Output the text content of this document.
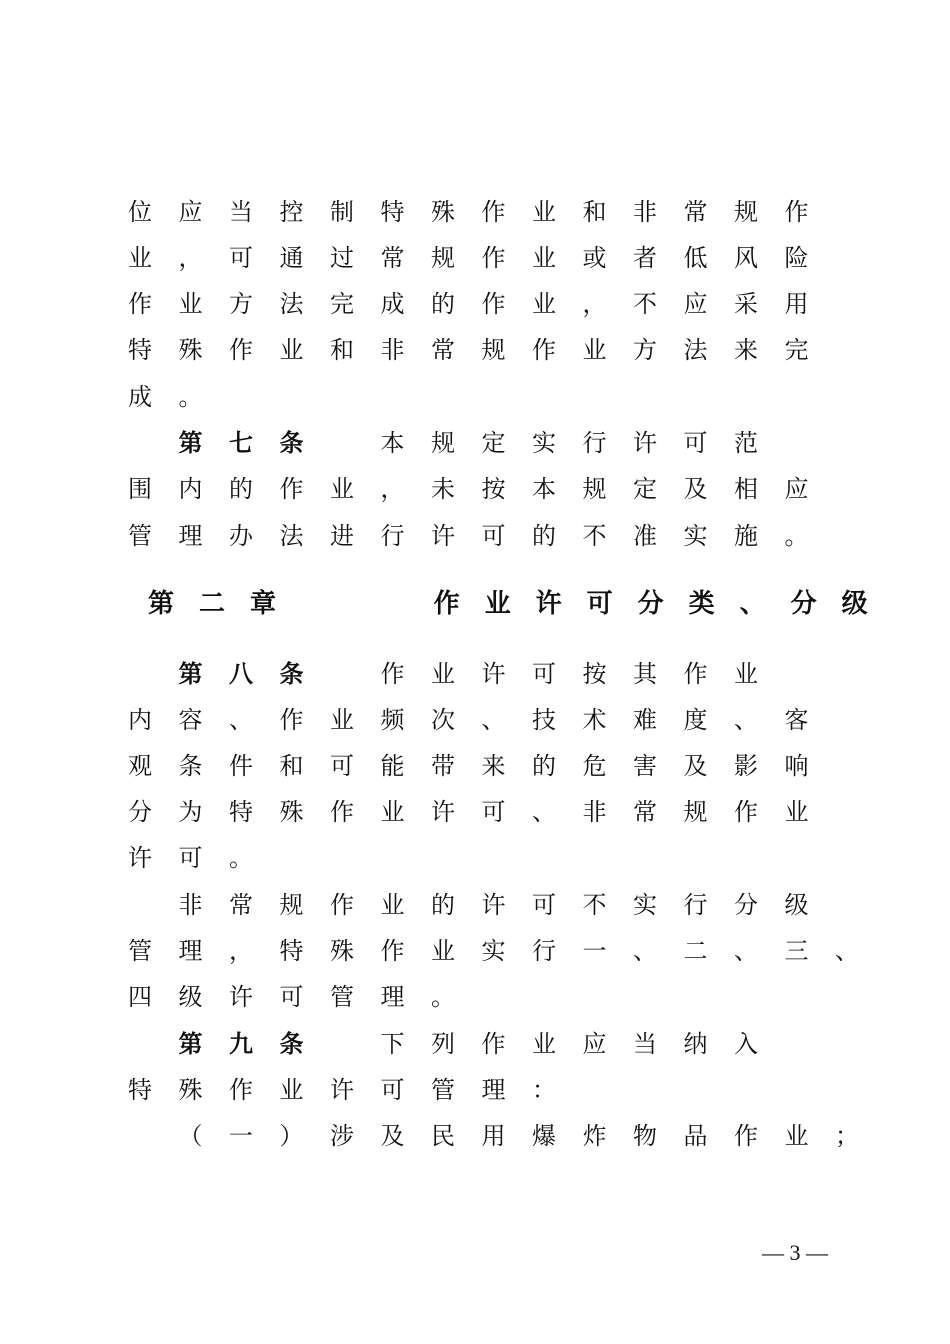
位 应 当 控 制 特 殊 作 业 和 非 常 规 作
业 ， 可 通 过 常 规 作 业 或 者 低 风 险
作 业 方 法 完 成 的 作 业 ， 不 应 采 用
特 殊 作 业 和 非 常 规 作 业 方 法 来 完
成 。
第 七 条	本 规 定 实 行 许 可 范
围 内 的 作 业 ， 未 按 本 规 定 及 相 应
管 理 办 法 进 行 许 可 的 不 准 实 施 。
第 二 章	作 业 许 可 分 类 、 分 级
第 八 条	作 业 许 可 按 其 作 业
内 容 、 作 业 频 次 、 技 术 难 度 、 客
观 条 件 和 可 能 带 来 的 危 害 及 影 响
分 为 特 殊 作 业 许 可 、 非 常 规 作 业
许 可 。
非 常 规 作 业 的 许 可 不 实 行 分 级
管 理 ， 特 殊 作 业 实 行 一 、 二 、 三 、
四 级 许 可 管 理 。
第 九 条	下 列 作 业 应 当 纳 入
特 殊 作 业 许 可 管 理 ：
（ 一 ） 涉 及 民 用 爆 炸 物 品 作 业 ；
— 3 —
